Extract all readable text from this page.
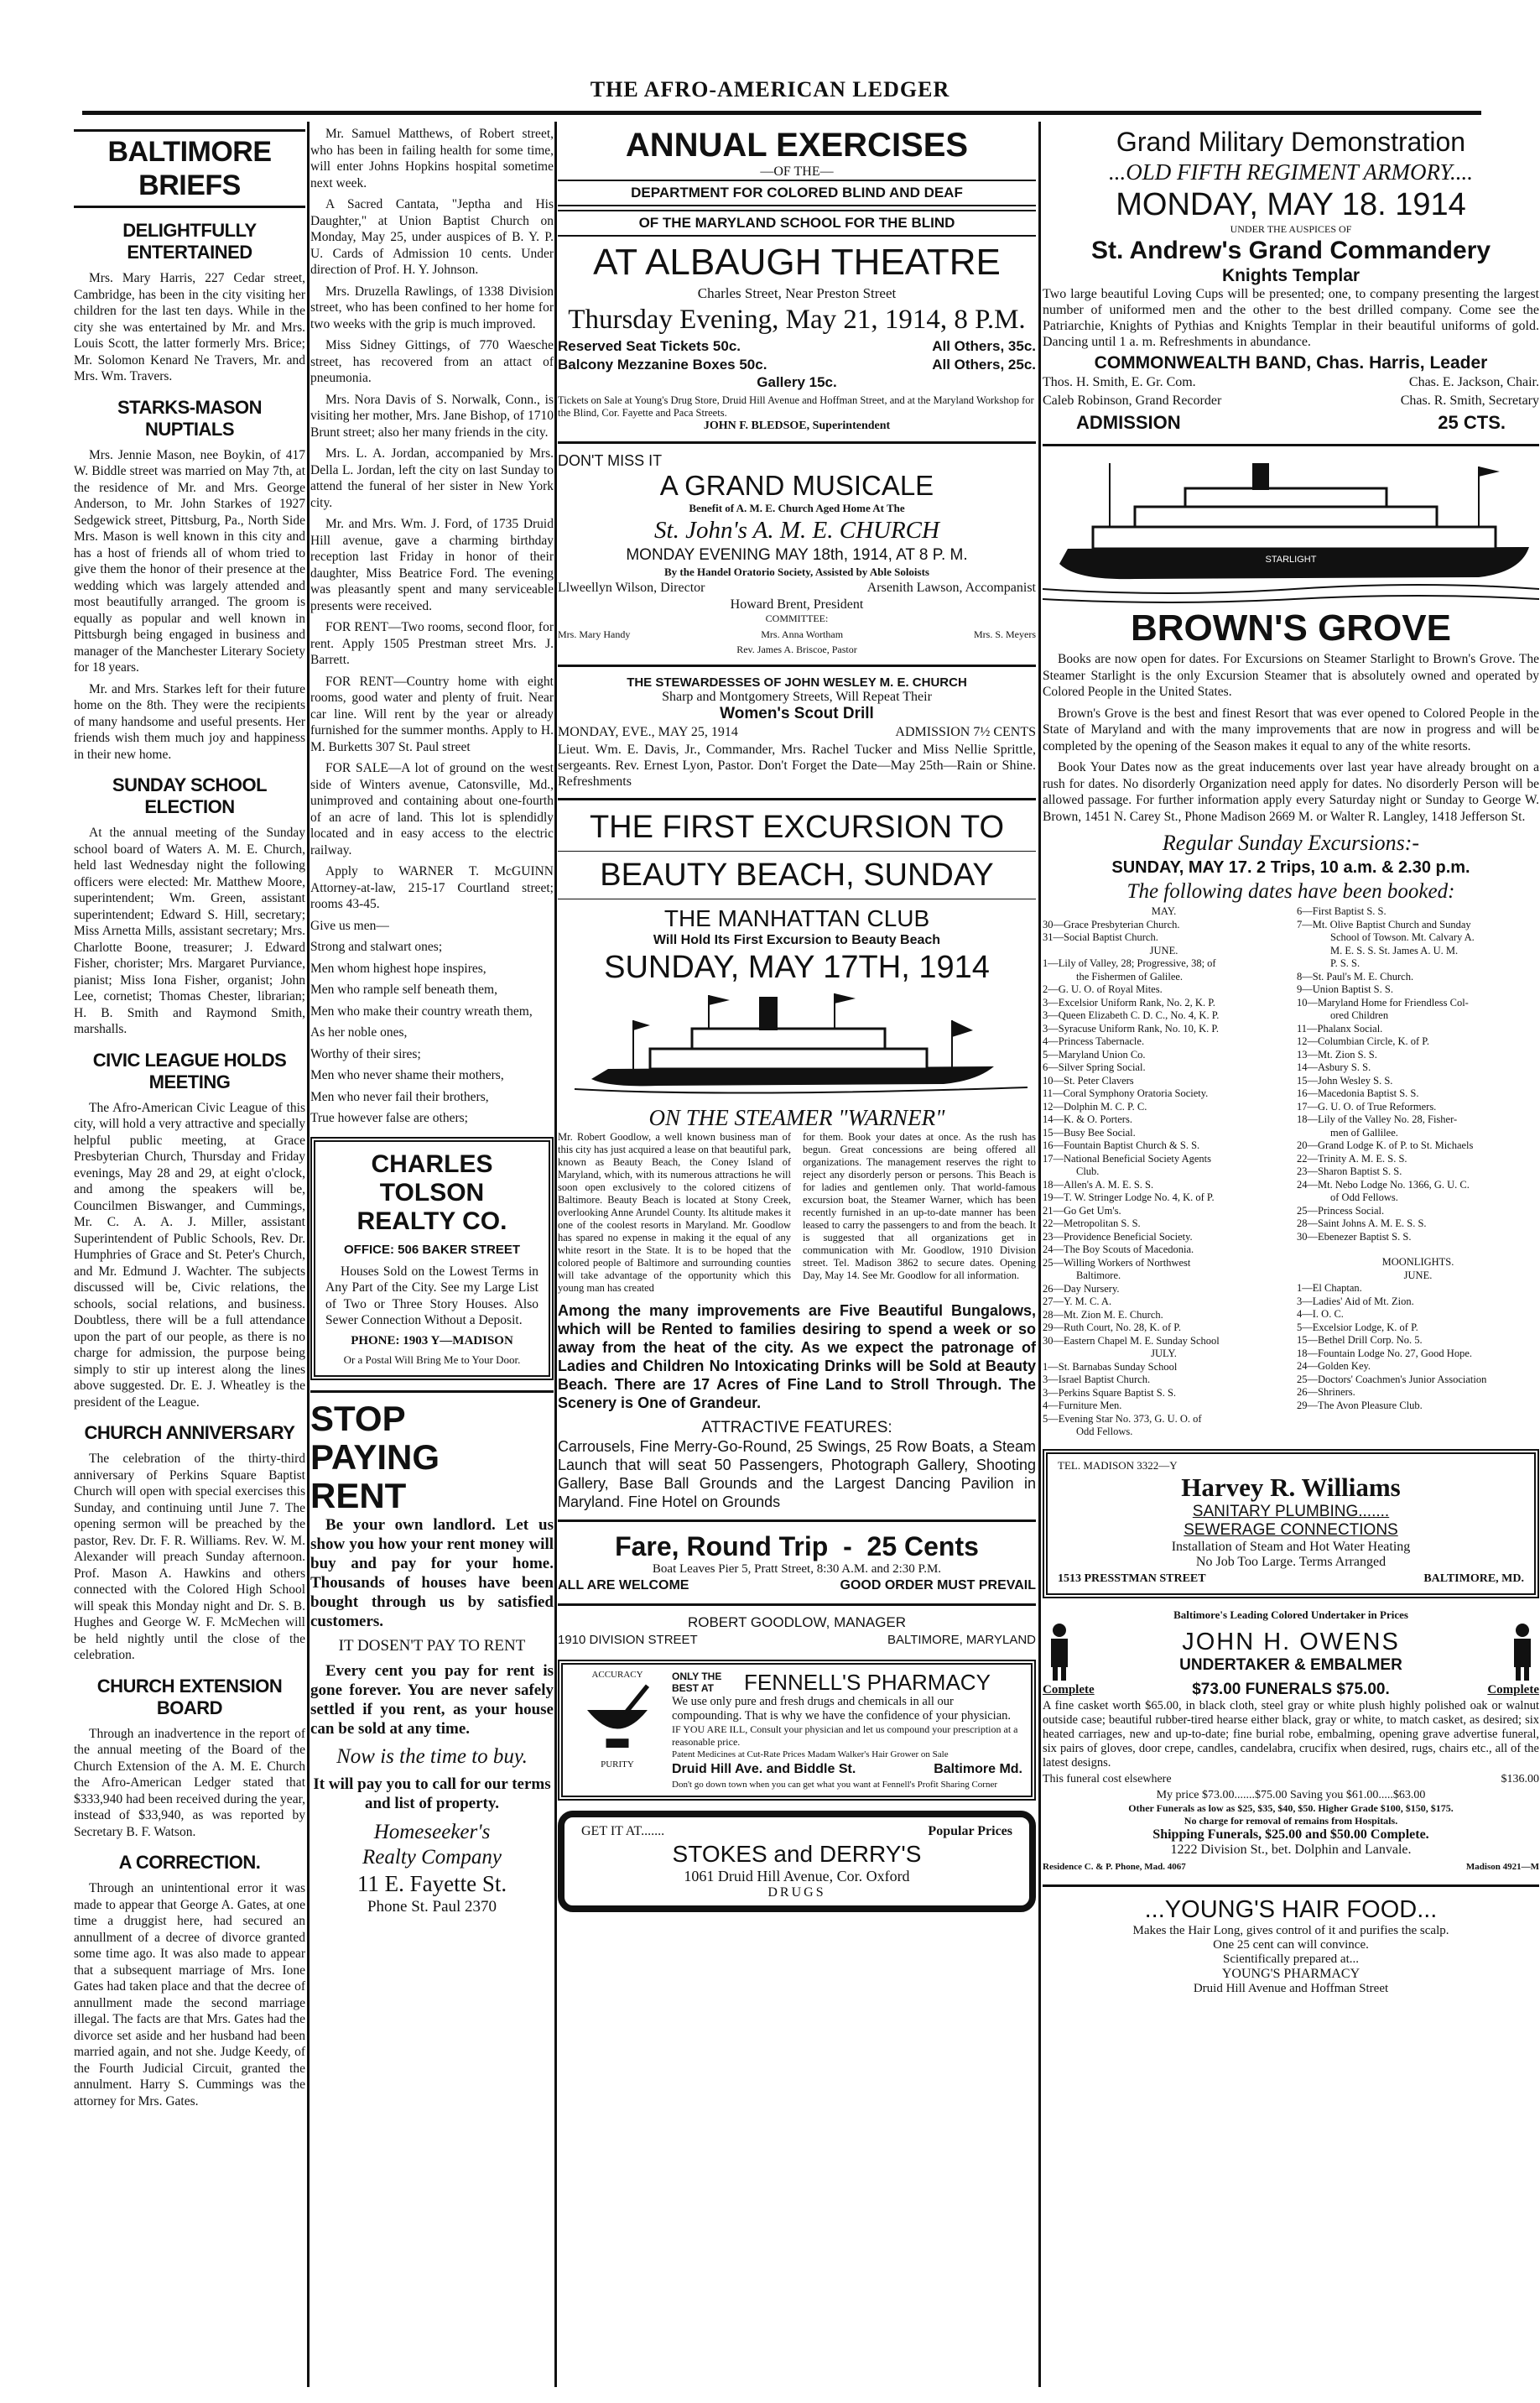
THE AFRO-AMERICAN LEDGER
BALTIMORE BRIEFS
DELIGHTFULLY ENTERTAINED

Mrs. Mary Harris, 227 Cedar street, Cambridge, has been in the city visiting her children for the last ten days. While in the city she was entertained by Mr. and Mrs. Louis Scott, the latter formerly Mrs. Brice; Mr. Solomon Kenard Ne Travers, Mr. and Mrs. Wm. Travers.

STARKS-MASON NUPTIALS

Mrs. Jennie Mason, nee Boykin, of 417 W. Biddle street was married on May 7th, at the residence of Mr. and Mrs. George Anderson, to Mr. John Starkes of 1927 Sedgewick street, Pittsburg, Pa., North Side Mrs. Mason is well known in this city and has a host of friends all of whom tried to give them the honor of their presence at the wedding which was largely attended and most beautifully arranged. The groom is equally as popular and well known in Pittsburgh being engaged in business and manager of the Manchester Literary Society for 18 years.

Mr. and Mrs. Starkes left for their future home on the 8th. They were the recipients of many handsome and useful presents. Her friends wish them much joy and happiness in their new home.

SUNDAY SCHOOL ELECTION

At the annual meeting of the Sunday school board of Waters A. M. E. Church, held last Wednesday night the following officers were elected: Mr. Matthew Moore, superintendent; Wm. Green, assistant superintendent; Edward S. Hill, secretary; Miss Arnetta Mills, assistant secretary; Mrs. Charlotte Boone, treasurer; J. Edward Fisher, chorister; Mrs. Margaret Purviance, pianist; Miss Iona Fisher, organist; John Lee, cornetist; Thomas Chester, librarian; H. B. Smith and Raymond Smith, marshalls.

CIVIC LEAGUE HOLDS MEETING

The Afro-American Civic League of this city, will hold a very attractive and specially helpful public meeting, at Grace Presbyterian Church, Thursday and Friday evenings, May 28 and 29, at eight o'clock, and among the speakers will be, Councilmen Biswanger, and Cummings, Mr. C. A. A. J. Miller, assistant Superintendent of Public Schools, Rev. Dr. Humphries of Grace and St. Peter's Church, and Mr. Edmund J. Wachter. The subjects discussed will be, Civic relations, the schools, social relations, and business. Doubtless, there will be a full attendance upon the part of our people, as there is no charge for admission, the purpose being simply to stir up interest along the lines above suggested. Dr. E. J. Wheatley is the president of the League.

CHURCH ANNIVERSARY

The celebration of the thirty-third anniversary of Perkins Square Baptist Church will open with special exercises this Sunday, and continuing until June 7. The opening sermon will be preached by the pastor, Rev. Dr. F. R. Williams. Rev. W. M. Alexander will preach Sunday afternoon. Prof. Mason A. Hawkins and others connected with the Colored High School will speak this Monday night and Dr. S. B. Hughes and George W. F. McMechen will be held nightly until the close of the celebration.

CHURCH EXTENSION BOARD

Through an inadvertence in the report of the annual meeting of the Board of the Church Extension of the A. M. E. Church the Afro-American Ledger stated that $333,940 had been received during the year, instead of $33,940, as was reported by Secretary B. F. Watson.

A CORRECTION.

Through an unintentional error it was made to appear that George A. Gates, at one time a druggist here, had secured an annullment of a decree of divorce granted some time ago. It was also made to appear that a subsequent marriage of Mrs. Ione Gates had taken place and that the decree of annullment made the second marriage illegal. The facts are that Mrs. Gates had the divorce set aside and her husband had been married again, and not she. Judge Keedy, of the Fourth Judicial Circuit, granted the annulment. Harry S. Cummings was the attorney for Mrs. Gates.

Mr. Samuel Matthews, of Robert street, who has been in failing health for some time, will enter Johns Hopkins hospital sometime next week.

A Sacred Cantata, "Jeptha and His Daughter," at Union Baptist Church on Monday, May 25, under auspices of B. Y. P. U. Cards of Admission 10 cents. Under direction of Prof. H. Y. Johnson.

Mrs. Druzella Rawlings, of 1338 Division street, who has been confined to her home for two weeks with the grip is much improved.

Miss Sidney Gittings, of 770 Waesche street, has recovered from an attact of pneumonia.

Mrs. Nora Davis of S. Norwalk, Conn., is visiting her mother, Mrs. Jane Bishop, of 1710 Brunt street; also her many friends in the city.

Mrs. L. A. Jordan, accompanied by Mrs. Della L. Jordan, left the city on last Sunday to attend the funeral of her sister in New York city.

Mr. and Mrs. Wm. J. Ford, of 1735 Druid Hill avenue, gave a charming birthday reception last Friday in honor of their daughter, Miss Beatrice Ford. The evening was pleasantly spent and many serviceable presents were received.

FOR RENT—Two rooms, second floor, for rent. Apply 1505 Prestman street Mrs. J. Barrett.

FOR RENT—Country home with eight rooms, good water and plenty of fruit. Near car line. Will rent by the year or already furnished for the summer months. Apply to H. M. Burketts 307 St. Paul street

FOR SALE—A lot of ground on the west side of Winters avenue, Catonsville, Md., unimproved and containing about one-fourth of an acre of land. This lot is splendidly located and in easy access to the electric railway.

Apply to WARNER T. McGUINN Attorney-at-law, 215-17 Courtland street; rooms 43-45.

Give us men—

Strong and stalwart ones;

Men whom highest hope inspires,

Men who rample self beneath them,

Men who make their country wreath them,

As her noble ones,

Worthy of their sires;

Men who never shame their mothers,

Men who never fail their brothers,

True however false are others;

CHARLES TOLSON
REALTY CO.
OFFICE: 506 BAKER STREET

Houses Sold on the Lowest Terms in Any Part of the City. See my Large List of Two or Three Story Houses. Also Sewer Connection Without a Deposit.

PHONE: 1903 Y—MADISON
Or a Postal Will Bring Me to Your Door.
STOP
PAYING
RENT

Be your own landlord. Let us show you how your rent money will buy and pay for your home. Thousands of houses have been bought through us by satisfied customers.

IT DOSEN'T PAY TO RENT

Every cent you pay for rent is gone forever. You are never safely settled if you rent, as your house can be sold at any time.

Now is the time to buy.
It will pay you to call for our terms and list of property.
Homeseeker's
Realty Company
11 E. Fayette St.
Phone St. Paul 2370
ANNUAL EXERCISES
—OF THE—
DEPARTMENT FOR COLORED BLIND AND DEAF
OF THE MARYLAND SCHOOL FOR THE BLIND
AT ALBAUGH THEATRE
Charles Street, Near Preston Street
Thursday Evening, May 21, 1914, 8 P.M.
Reserved Seat Tickets 50c.	All Others, 35c.
Balcony Mezzanine Boxes 50c.	All Others, 25c.
Gallery 15c.
Tickets on Sale at Young's Drug Store, Druid Hill Avenue and Hoffman Street, and at the Maryland Workshop for the Blind, Cor. Fayette and Paca Streets.
JOHN F. BLEDSOE, Superintendent
DON'T MISS IT
A GRAND MUSICALE
Benefit of A. M. E. Church Aged Home At The
St. John's A. M. E. CHURCH
MONDAY EVENING MAY 18th, 1914, AT 8 P. M.
By the Handel Oratorio Society, Assisted by Able Soloists
Llweellyn Wilson, Director	Arsenith Lawson, Accompanist
Howard Brent, President
COMMITTEE:
Mrs. Mary Handy	Mrs. Anna Wortham	Mrs. S. Meyers
Rev. James A. Briscoe, Pastor
THE STEWARDESSES OF JOHN WESLEY M. E. CHURCH
Sharp and Montgomery Streets, Will Repeat Their
Women's Scout Drill
MONDAY, EVE., MAY 25, 1914	ADMISSION 7½ CENTS
Lieut. Wm. E. Davis, Jr., Commander, Mrs. Rachel Tucker and Miss Nellie Sprittle, sergeants. Rev. Ernest Lyon, Pastor. Don't Forget the Date—May 25th—Rain or Shine. Refreshments
THE FIRST EXCURSION TO
BEAUTY BEACH, SUNDAY
THE MANHATTAN CLUB
Will Hold Its First Excursion to Beauty Beach
SUNDAY, MAY 17TH, 1914
ON THE STEAMER "WARNER"
Mr. Robert Goodlow, a well known business man of this city has just acquired a lease on that beautiful park, known as Beauty Beach, the Coney Island of Maryland, which, with its numerous attractions he will soon open exclusively to the colored citizens of Baltimore. Beauty Beach is located at Stony Creek, overlooking Anne Arundel County. Its altitude makes it one of the coolest resorts in Maryland. Mr. Goodlow has spared no expense in making it the equal of any white resort in the State. It is to be hoped that the colored people of Baltimore and surrounding counties will take advantage of the opportunity which this young man has created
for them. Book your dates at once. As the rush has begun. Great concessions are being offered all organizations. The management reserves the right to reject any disorderly person or persons. This Beach is for ladies and gentlemen only. That world-famous excursion boat, the Steamer Warner, which has been recently furnished in an up-to-date manner has been leased to carry the passengers to and from the beach. It is suggested that all organizations get in communication with Mr. Goodlow, 1910 Division street. Tel. Madison 3862 to secure dates. Opening Day, May 14. See Mr. Goodlow for all information.
Among the many improvements are Five Beautiful Bungalows, which will be Rented to families desiring to spend a week or so away from the heat of the city. As we expect the patronage of Ladies and Children No Intoxicating Drinks will be Sold at Beauty Beach. There are 17 Acres of Fine Land to Stroll Through. The Scenery is One of Grandeur.
ATTRACTIVE FEATURES:
Carrousels, Fine Merry-Go-Round, 25 Swings, 25 Row Boats, a Steam Launch that will seat 50 Passengers, Photograph Gallery, Shooting Gallery, Base Ball Grounds and the Largest Dancing Pavilion in Maryland. Fine Hotel on Grounds
Fare, Round Trip  -  25 Cents
Boat Leaves Pier 5, Pratt Street, 8:30 A.M. and 2:30 P.M.
ALL ARE WELCOME	GOOD ORDER MUST PREVAIL
ROBERT GOODLOW, MANAGER
1910 DIVISION STREET	BALTIMORE, MARYLAND
ACCURACY
PURITY
ONLY THE BEST AT	FENNELL'S PHARMACY
We use only pure and fresh drugs and chemicals in all our compounding. That is why we have the confidence of your physician.
IF YOU ARE ILL, Consult your physician and let us compound your prescription at a reasonable price.
Patent Medicines at Cut-Rate Prices Madam Walker's Hair Grower on Sale
Druid Hill Ave. and Biddle St.	Baltimore Md.
Don't go down town when you can get what you want at Fennell's Profit Sharing Corner
GET IT AT.......	Popular Prices
STOKES and DERRY'S
1061 Druid Hill Avenue, Cor. Oxford
DRUGS
Grand Military Demonstration
...OLD FIFTH REGIMENT ARMORY....
MONDAY, MAY 18. 1914
UNDER THE AUSPICES OF
St. Andrew's Grand Commandery
Knights Templar
Two large beautiful Loving Cups will be presented; one, to company presenting the largest number of uniformed men and the other to the best drilled company. Come see the Patriarchie, Knights of Pythias and Knights Templar in their beautiful uniforms of gold. Dancing until 1 a. m. Refreshments in abundance.
COMMONWEALTH BAND, Chas. Harris, Leader
Thos. H. Smith, E. Gr. Com.	Chas. E. Jackson, Chair.
Caleb Robinson, Grand Recorder	Chas. R. Smith, Secretary
ADMISSION	25 CTS.
STARLIGHT
BROWN'S GROVE

Books are now open for dates. For Excursions on Steamer Starlight to Brown's Grove. The Steamer Starlight is the only Excursion Steamer that is absolutely owned and operated by Colored People in the United States.

Brown's Grove is the best and finest Resort that was ever opened to Colored People in the State of Maryland and with the many improvements that are now in progress and will be completed by the opening of the Season makes it equal to any of the white resorts.

Book Your Dates now as the great inducements over last year have already brought on a rush for dates. No disorderly Organization need apply for dates. No disorderly Person will be allowed passage. For further information apply every Saturday night or Sunday to George W. Brown, 1451 N. Carey St., Phone Madison 2669 M. or Walter R. Langley, 1418 Jefferson St.

Regular Sunday Excursions:-
SUNDAY, MAY 17. 2 Trips, 10 a.m. & 2.30 p.m.
The following dates have been booked:
MAY.
30—Grace Presbyterian Church.
31—Social Baptist Church.
JUNE.
1—Lily of Valley, 28; Progressive, 38; of
the Fishermen of Galilee.
2—G. U. O. of Royal Mites.
3—Excelsior Uniform Rank, No. 2, K. P.
3—Queen Elizabeth C. D. C., No. 4, K. P.
3—Syracuse Uniform Rank, No. 10, K. P.
4—Princess Tabernacle.
5—Maryland Union Co.
6—Silver Spring Social.
10—St. Peter Clavers
11—Coral Symphony Oratoria Society.
12—Dolphin M. C. P. C.
14—K. & O. Porters.
15—Busy Bee Social.
16—Fountain Baptist Church & S. S.
17—National Beneficial Society Agents
Club.
18—Allen's A. M. E. S. S.
19—T. W. Stringer Lodge No. 4, K. of P.
21—Go Get Um's.
22—Metropolitan S. S.
23—Providence Beneficial Society.
24—The Boy Scouts of Macedonia.
25—Willing Workers of Northwest
Baltimore.
26—Day Nursery.
27—Y. M. C. A.
28—Mt. Zion M. E. Church.
29—Ruth Court, No. 28, K. of P.
30—Eastern Chapel M. E. Sunday School
JULY.
1—St. Barnabas Sunday School
3—Israel Baptist Church.
3—Perkins Square Baptist S. S.
4—Furniture Men.
5—Evening Star No. 373, G. U. O. of
Odd Fellows.
6—First Baptist S. S.
7—Mt. Olive Baptist Church and Sunday
School of Towson. Mt. Calvary A.
M. E. S. S. St. James A. U. M.
P. S. S.
8—St. Paul's M. E. Church.
9—Union Baptist S. S.
10—Maryland Home for Friendless Col-
ored Children
11—Phalanx Social.
12—Columbian Circle, K. of P.
13—Mt. Zion S. S.
14—Asbury S. S.
15—John Wesley S. S.
16—Macedonia Baptist S. S.
17—G. U. O. of True Reformers.
18—Lily of the Valley No. 28, Fisher-
men of Gallilee.
20—Grand Lodge K. of P. to St. Michaels
22—Trinity A. M. E. S. S.
23—Sharon Baptist S. S.
24—Mt. Nebo Lodge No. 1366, G. U. C.
of Odd Fellows.
25—Princess Social.
28—Saint Johns A. M. E. S. S.
30—Ebenezer Baptist S. S.
MOONLIGHTS.
JUNE.
1—El Chaptan.
3—Ladies' Aid of Mt. Zion.
4—I. O. C.
5—Excelsior Lodge, K. of P.
15—Bethel Drill Corp. No. 5.
18—Fountain Lodge No. 27, Good Hope.
24—Golden Key.
25—Doctors' Coachmen's Junior Association
26—Shriners.
29—The Avon Pleasure Club.
TEL. MADISON 3322—Y
Harvey R. Williams
SANITARY PLUMBING.......
SEWERAGE CONNECTIONS
Installation of Steam and Hot Water Heating
No Job Too Large. Terms Arranged
1513 PRESSTMAN STREET	BALTIMORE, MD.
Baltimore's Leading Colored Undertaker in Prices
JOHN H. OWENS
UNDERTAKER & EMBALMER
Complete	$73.00 FUNERALS $75.00.	Complete
A fine casket worth $65.00, in black cloth, steel gray or white plush highly polished oak or walnut outside case; beautiful rubber-tired hearse either black, gray or white, to match casket, as desired; six heated carriages, new and up-to-date; fine burial robe, embalming, opening grave advertise funeral, six pairs of gloves, door crepe, candles, candelabra, crucifix when desired, rugs, chairs etc., all of the latest designs.
This funeral cost elsewhere	$136.00
My price $73.00.......$75.00 Saving you $61.00.....$63.00
Other Funerals as low as $25, $35, $40, $50. Higher Grade $100, $150, $175.
No charge for removal of remains from Hospitals.
Shipping Funerals, $25.00 and $50.00 Complete.
1222 Division St., bet. Dolphin and Lanvale.
Residence C. & P. Phone, Mad. 4067	Madison 4921—M
...YOUNG'S HAIR FOOD...
Makes the Hair Long, gives control of it and purifies the scalp.
One 25 cent can will convince.
Scientifically prepared at...
YOUNG'S PHARMACY
Druid Hill Avenue and Hoffman Street
